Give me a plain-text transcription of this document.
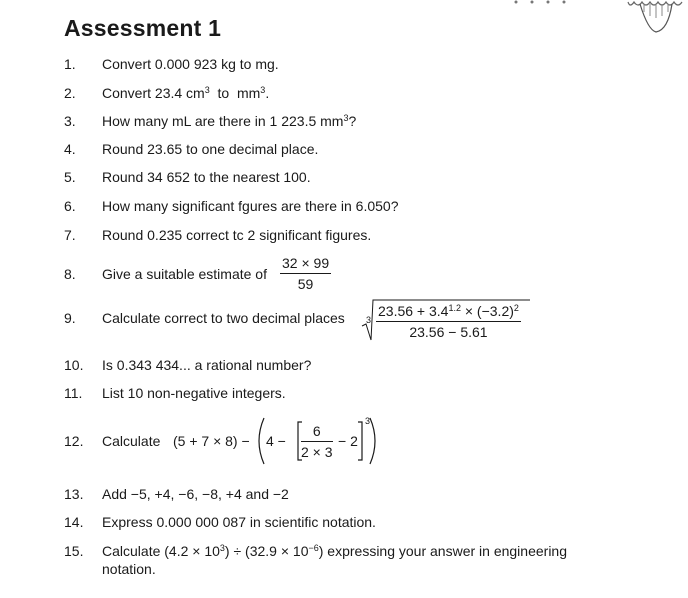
Assessment 1
1. Convert 0.000 923 kg to mg.
2. Convert 23.4 $cm^3$  to  $mm^3$.
3. How many mL are there in 1 223.5 $mm^3$?
4. Round 23.65 to one decimal place.
5. Round 34 652 to the nearest 100.
6. How many significant fgures are there in 6.050?
7. Round 0.235 correct tc 2 significant figures.
8. Give a suitable estimate of $\frac{32 \times 99}{59}$
9. Calculate correct to two decimal places $3 \frac{23.56 + 3.4^{1.2} \times (-3.2)^2}{23.56 - 5.61}$
10. Is 0.343 434... a rational number?
11. List 10 non-negative integers.
12. Calculate $(5 + 7 \times 8) - 4 - \frac{6}{2 \times 3} - 2$
3
13. Add −5, +4, −6, −8, +4 and −2
14. Express 0.000 000 087 in scientific notation.
15. Calculate $(4.2 \times 10^3) \div (32.9 \times 10^{-6})$ expressing your answer in engineering
notation.
